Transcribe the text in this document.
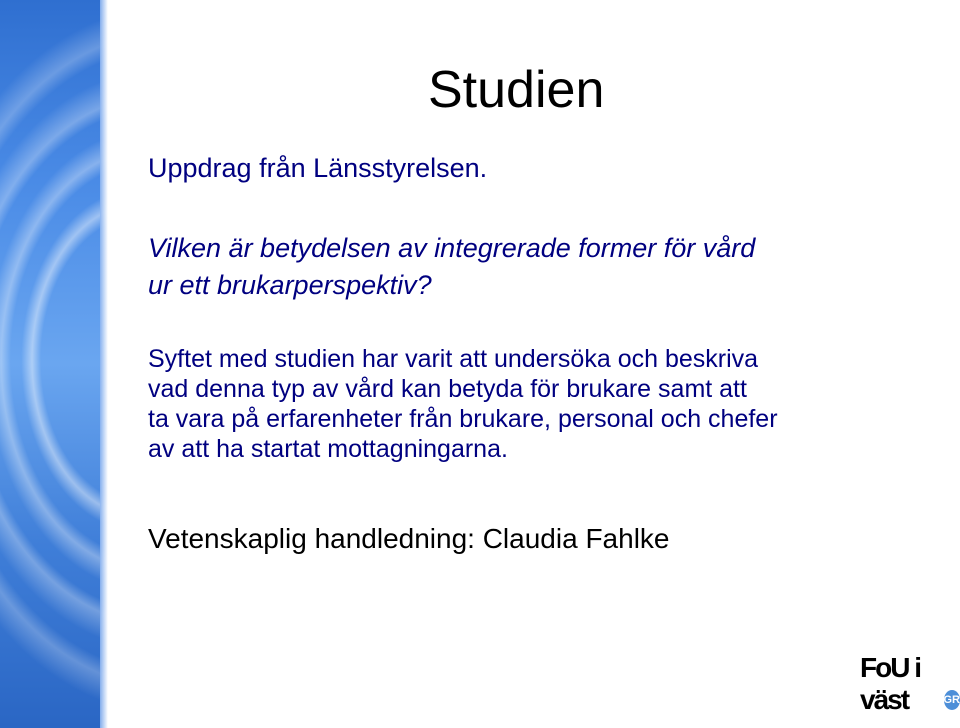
Studien
Uppdrag från Länsstyrelsen.
Vilken är betydelsen av integrerade former för vård
ur ett brukarperspektiv?
Syftet med studien har varit att undersöka och beskriva
vad denna typ av vård kan betyda för brukare samt att
ta vara på erfarenheter från brukare, personal och chefer
av att ha startat mottagningarna.
Vetenskaplig handledning: Claudia Fahlke
FoU i väst	GR
